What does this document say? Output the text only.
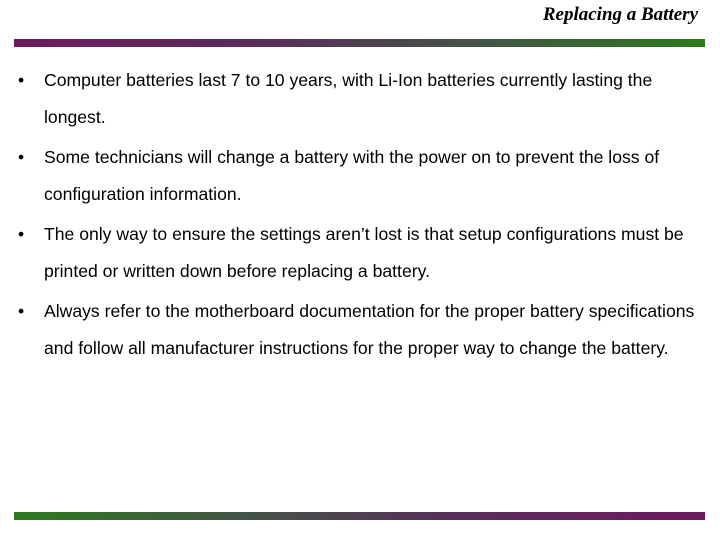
Replacing a Battery
• Computer batteries last 7 to 10 years, with Li-Ion batteries currently lasting the longest.
• Some technicians will change a battery with the power on to prevent the loss of configuration information.
• The only way to ensure the settings aren’t lost is that setup configurations must be printed or written down before replacing a battery.
• Always refer to the motherboard documentation for the proper battery specifications and follow all manufacturer instructions for the proper way to change the battery.
